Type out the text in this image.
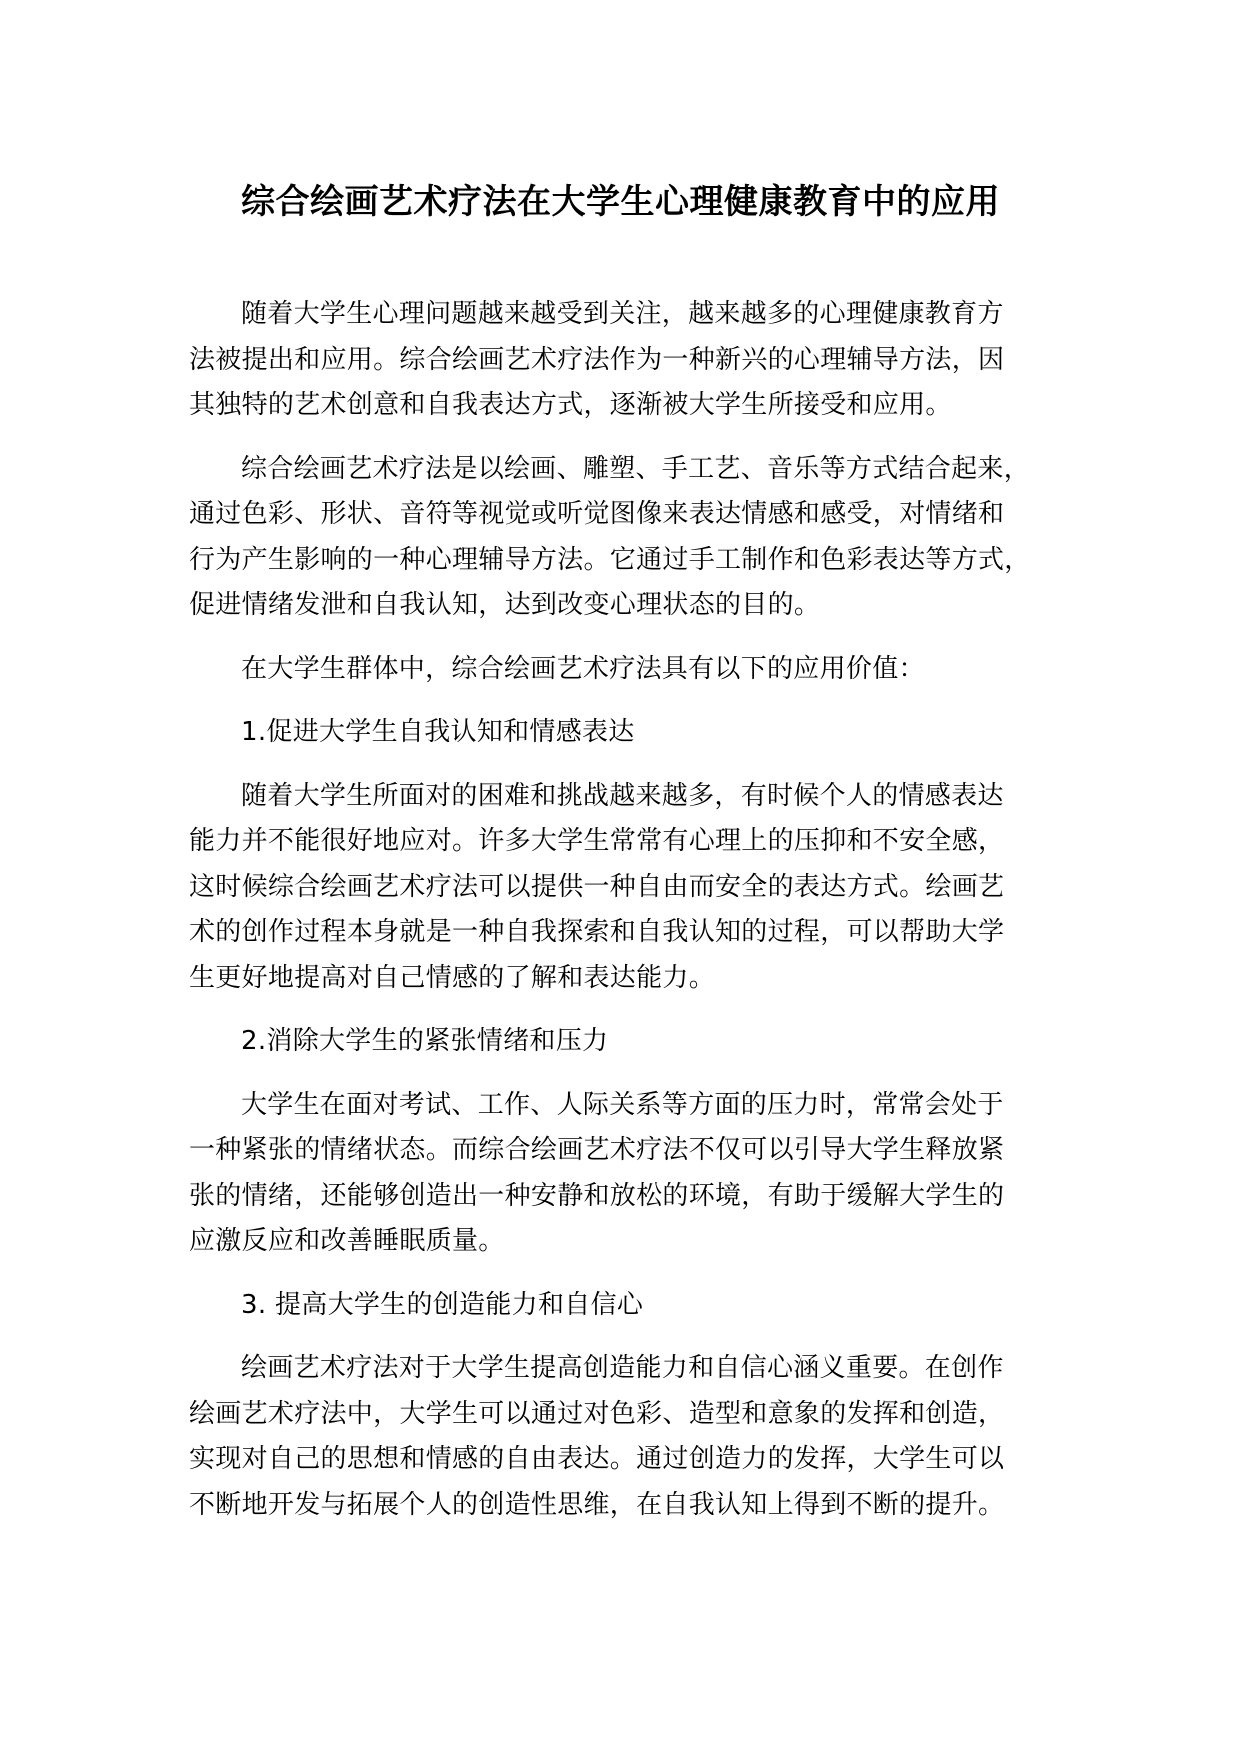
综合绘画艺术疗法在大学生心理健康教育中的应用

随着大学生心理问题越来越受到关注，越来越多的心理健康教育方
法被提出和应用。综合绘画艺术疗法作为一种新兴的心理辅导方法，因
其独特的艺术创意和自我表达方式，逐渐被大学生所接受和应用。

综合绘画艺术疗法是以绘画、雕塑、手工艺、音乐等方式结合起来，
通过色彩、形状、音符等视觉或听觉图像来表达情感和感受，对情绪和
行为产生影响的一种心理辅导方法。它通过手工制作和色彩表达等方式，
促进情绪发泄和自我认知，达到改变心理状态的目的。

在大学生群体中，综合绘画艺术疗法具有以下的应用价值：

1.促进大学生自我认知和情感表达

随着大学生所面对的困难和挑战越来越多，有时候个人的情感表达
能力并不能很好地应对。许多大学生常常有心理上的压抑和不安全感，
这时候综合绘画艺术疗法可以提供一种自由而安全的表达方式。绘画艺
术的创作过程本身就是一种自我探索和自我认知的过程，可以帮助大学
生更好地提高对自己情感的了解和表达能力。

2.消除大学生的紧张情绪和压力

大学生在面对考试、工作、人际关系等方面的压力时，常常会处于
一种紧张的情绪状态。而综合绘画艺术疗法不仅可以引导大学生释放紧
张的情绪，还能够创造出一种安静和放松的环境，有助于缓解大学生的
应激反应和改善睡眠质量。

3. 提高大学生的创造能力和自信心

绘画艺术疗法对于大学生提高创造能力和自信心涵义重要。在创作
绘画艺术疗法中，大学生可以通过对色彩、造型和意象的发挥和创造，
实现对自己的思想和情感的自由表达。通过创造力的发挥，大学生可以
不断地开发与拓展个人的创造性思维，在自我认知上得到不断的提升。
